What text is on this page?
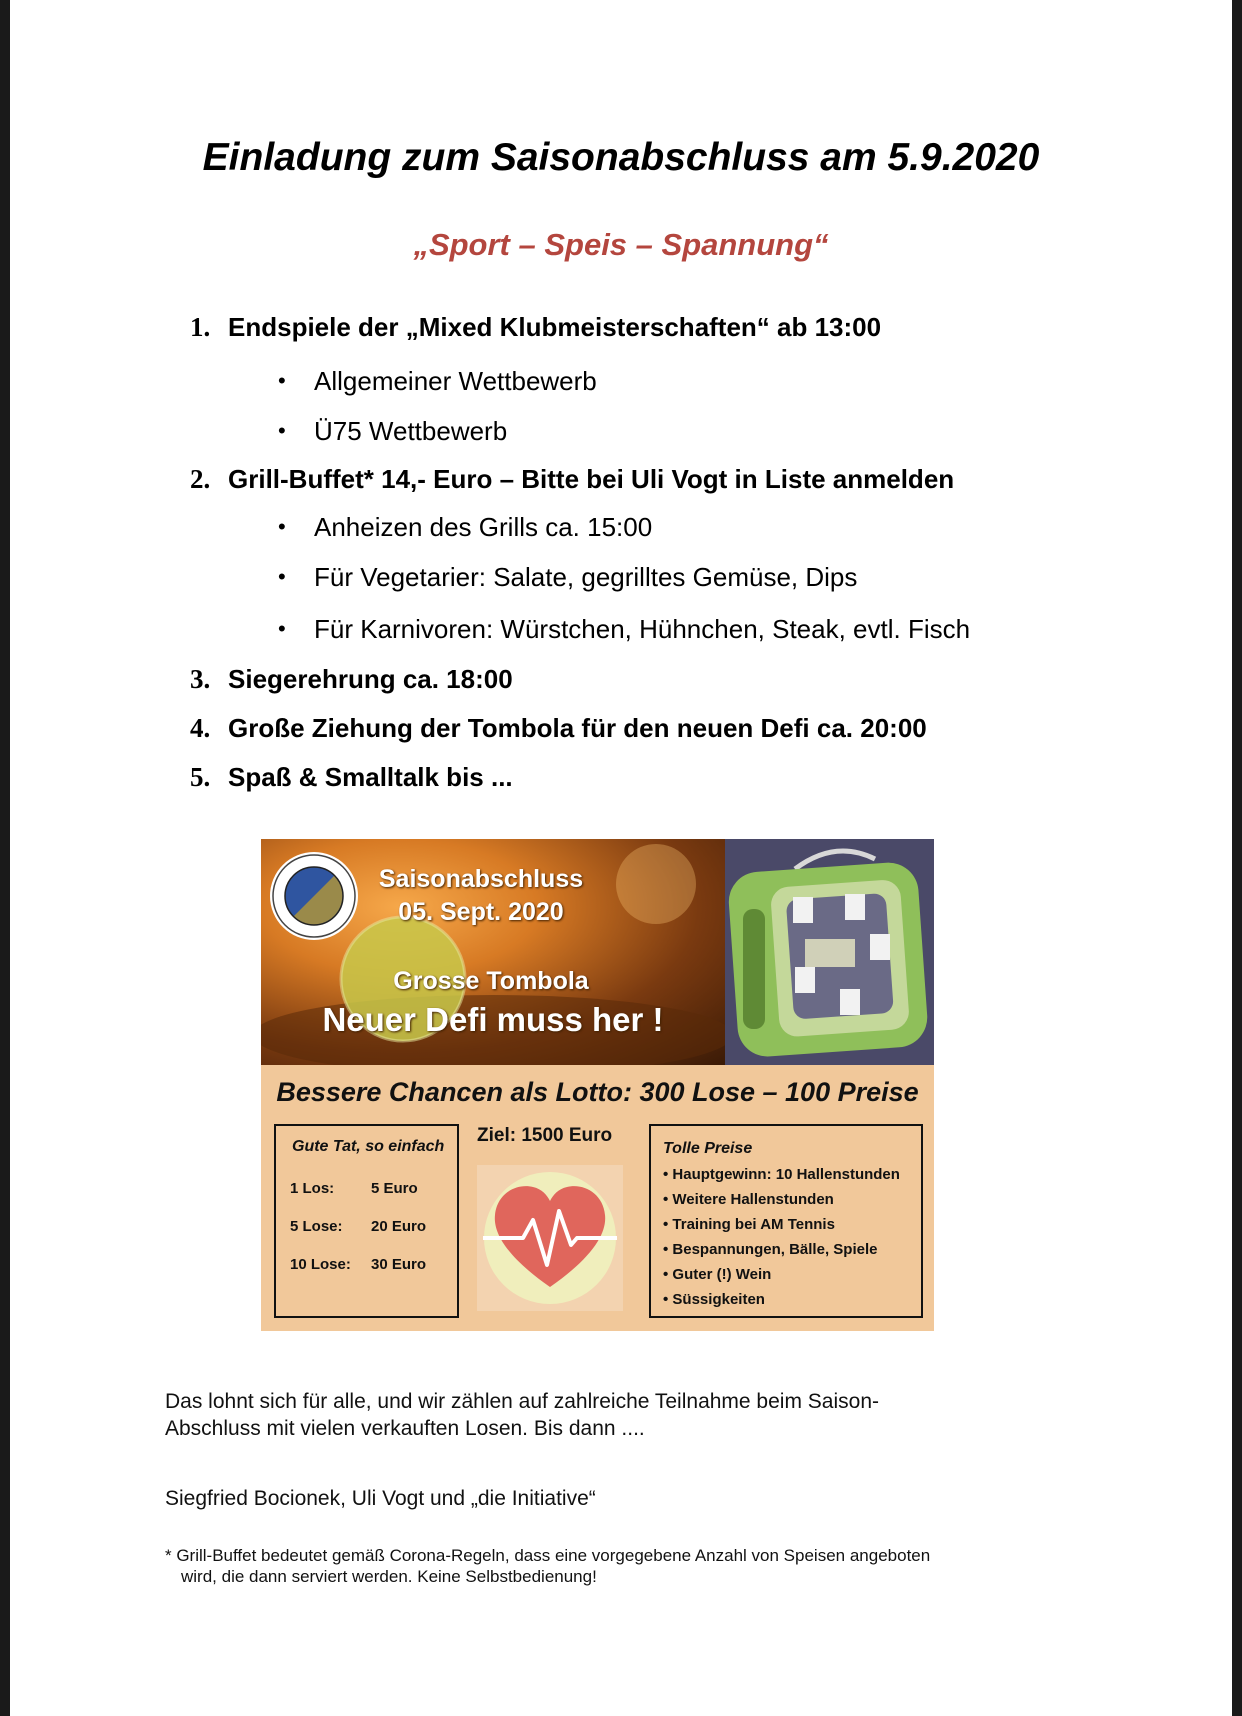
Einladung zum Saisonabschluss am 5.9.2020
„Sport – Speis – Spannung“
1. Endspiele der „Mixed Klubmeisterschaften“ ab 13:00
• Allgemeiner Wettbewerb
• Ü75 Wettbewerb
2. Grill-Buffet* 14,- Euro – Bitte bei Uli Vogt in Liste anmelden
• Anheizen des Grills ca. 15:00
• Für Vegetarier: Salate, gegrilltes Gemüse, Dips
• Für Karnivoren: Würstchen, Hühnchen, Steak, evtl. Fisch
3. Siegerehrung ca. 18:00
4. Große Ziehung der Tombola für den neuen Defi ca. 20:00
5. Spaß & Smalltalk bis ...
Saisonabschluss
05. Sept. 2020
Grosse Tombola
Neuer Defi muss her !
Bessere Chancen als Lotto: 300 Lose – 100 Preise
Gute Tat, so einfach
1 Los: 5 Euro
5 Lose: 20 Euro
10 Lose: 30 Euro
Ziel: 1500 Euro
Tolle Preise
• Hauptgewinn: 10 Hallenstunden
• Weitere Hallenstunden
• Training bei AM Tennis
• Bespannungen, Bälle, Spiele
• Guter (!) Wein
• Süssigkeiten
Das lohnt sich für alle, und wir zählen auf zahlreiche Teilnahme beim Saison-
Abschluss mit vielen verkauften Losen. Bis dann ....
Siegfried Bocionek, Uli Vogt und „die Initiative“
* Grill-Buffet bedeutet gemäß Corona-Regeln, dass eine vorgegebene Anzahl von Speisen angeboten
wird, die dann serviert werden. Keine Selbstbedienung!
